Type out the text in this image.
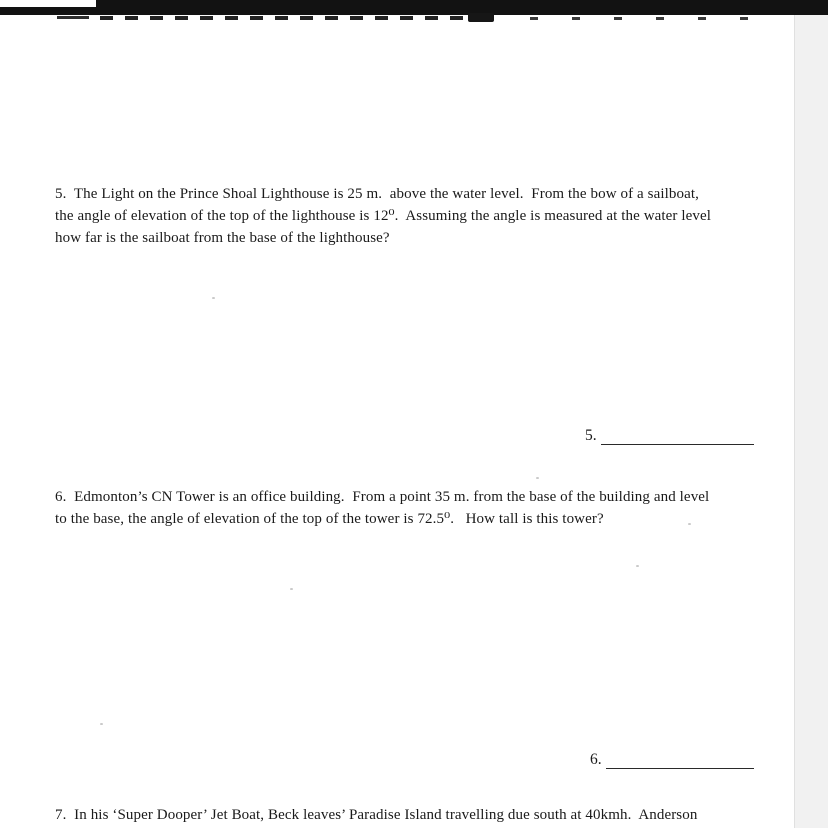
5.  The Light on the Prince Shoal Lighthouse is 25 m.  above the water level.  From the bow of a sailboat,
the angle of elevation of the top of the lighthouse is 12⁰.  Assuming the angle is measured at the water level
how far is the sailboat from the base of the lighthouse?
5.
6.  Edmonton’s CN Tower is an office building.  From a point 35 m. from the base of the building and level
to the base, the angle of elevation of the top of the tower is 72.5⁰.   How tall is this tower?
6.
7.  In his ‘Super Dooper’ Jet Boat, Beck leaves’ Paradise Island travelling due south at 40kmh.  Anderson
